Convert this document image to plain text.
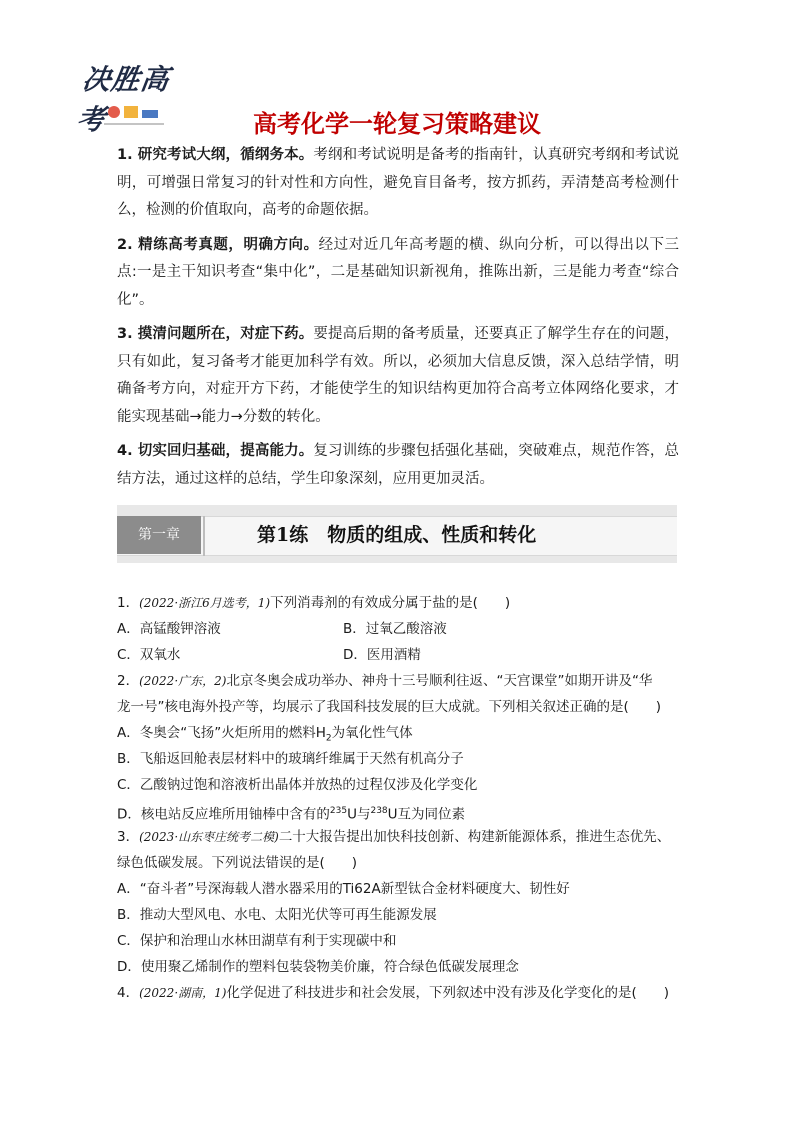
决胜高考	高考化学一轮复习策略建议

1. 研究考试大纲，循纲务本。考纲和考试说明是备考的指南针，认真研究考纲和考试说明，可增强日常复习的针对性和方向性，避免盲目备考，按方抓药，弄清楚高考检测什么，检测的价值取向，高考的命题依据。

2. 精练高考真题，明确方向。经过对近几年高考题的横、纵向分析，可以得出以下三点:一是主干知识考查“集中化”，二是基础知识新视角，推陈出新，三是能力考查“综合化”。

3. 摸清问题所在，对症下药。要提高后期的备考质量，还要真正了解学生存在的问题，只有如此，复习备考才能更加科学有效。所以，必须加大信息反馈，深入总结学情，明确备考方向，对症开方下药，才能使学生的知识结构更加符合高考立体网络化要求，才能实现基础→能力→分数的转化。

4. 切实回归基础，提高能力。复习训练的步骤包括强化基础，突破难点，规范作答，总结方法，通过这样的总结，学生印象深刻，应用更加灵活。

第一章	第1练　物质的组成、性质和转化
1．(2022·浙江6月选考，1)下列消毒剂的有效成分属于盐的是(　　)
A．高锰酸钾溶液	B．过氧乙酸溶液
C．双氧水	D．医用酒精
2．(2022·广东，2)北京冬奥会成功举办、神舟十三号顺利往返、“天宫课堂”如期开讲及“华
龙一号”核电海外投产等，均展示了我国科技发展的巨大成就。下列相关叙述正确的是(　　)
A．冬奥会“飞扬”火炬所用的燃料$H_2$为氧化性气体
B．飞船返回舱表层材料中的玻璃纤维属于天然有机高分子
C．乙酸钠过饱和溶液析出晶体并放热的过程仅涉及化学变化
D．核电站反应堆所用铀棒中含有的$^{235}$U与$^{238}$U互为同位素
3．(2023·山东枣庄统考二模)二十大报告提出加快科技创新、构建新能源体系，推进生态优先、
绿色低碳发展。下列说法错误的是(　　)
A．“奋斗者”号深海载人潜水器采用的Ti62A新型钛合金材料硬度大、韧性好
B．推动大型风电、水电、太阳光伏等可再生能源发展
C．保护和治理山水林田湖草有利于实现碳中和
D．使用聚乙烯制作的塑料包装袋物美价廉，符合绿色低碳发展理念
4．(2022·湖南，1)化学促进了科技进步和社会发展，下列叙述中没有涉及化学变化的是(　　)
